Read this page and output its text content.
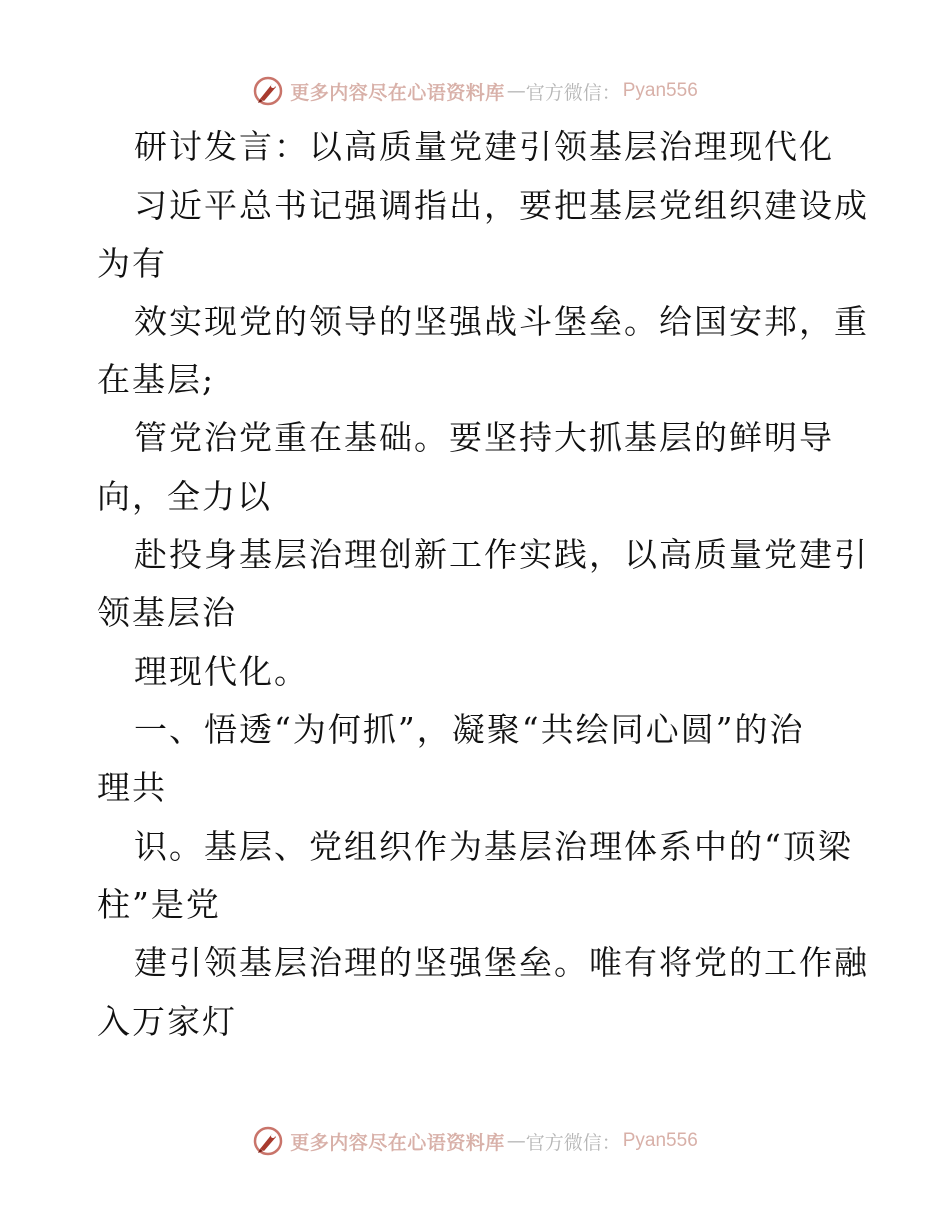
更多内容尽在心语资料库 — 官方微信： Pyan556
研讨发言：以高质量党建引领基层治理现代化
习近平总书记强调指出，要把基层党组织建设成
为有
效实现党的领导的坚强战斗堡垒。给国安邦，重
在基层;
管党治党重在基础。要坚持大抓基层的鲜明导
向，全力以
赴投身基层治理创新工作实践，以高质量党建引
领基层治
理现代化。
一、悟透“为何抓”，凝聚“共绘同心圆”的治
理共
识。基层、党组织作为基层治理体系中的“顶梁
柱”是党
建引领基层治理的坚强堡垒。唯有将党的工作融
入万家灯
更多内容尽在心语资料库 — 官方微信： Pyan556
